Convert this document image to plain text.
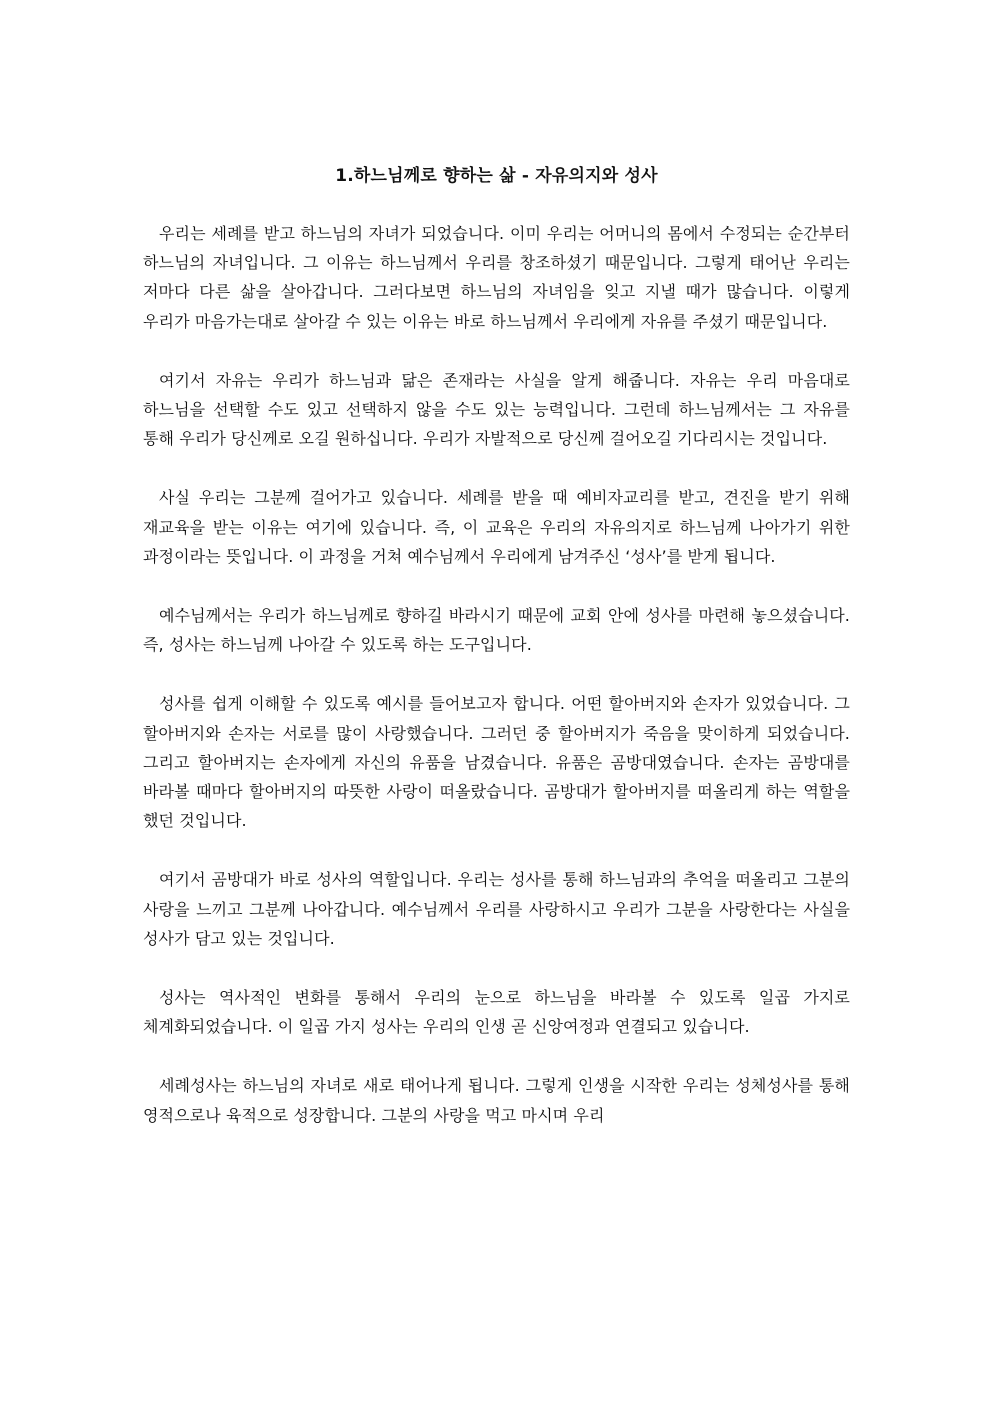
1.하느님께로 향하는 삶 - 자유의지와 성사

우리는 세례를 받고 하느님의 자녀가 되었습니다. 이미 우리는 어머니의 몸에서 수정되는 순간부터 하느님의 자녀입니다. 그 이유는 하느님께서 우리를 창조하셨기 때문입니다. 그렇게 태어난 우리는 저마다 다른 삶을 살아갑니다. 그러다보면 하느님의 자녀임을 잊고 지낼 때가 많습니다. 이렇게 우리가 마음가는대로 살아갈 수 있는 이유는 바로 하느님께서 우리에게 자유를 주셨기 때문입니다.

여기서 자유는 우리가 하느님과 닮은 존재라는 사실을 알게 해줍니다. 자유는 우리 마음대로 하느님을 선택할 수도 있고 선택하지 않을 수도 있는 능력입니다. 그런데 하느님께서는 그 자유를 통해 우리가 당신께로 오길 원하십니다. 우리가 자발적으로 당신께 걸어오길 기다리시는 것입니다.

사실 우리는 그분께 걸어가고 있습니다. 세례를 받을 때 예비자교리를 받고, 견진을 받기 위해 재교육을 받는 이유는 여기에 있습니다. 즉, 이 교육은 우리의 자유의지로 하느님께 나아가기 위한 과정이라는 뜻입니다. 이 과정을 거쳐 예수님께서 우리에게 남겨주신 ‘성사’를 받게 됩니다.

예수님께서는 우리가 하느님께로 향하길 바라시기 때문에 교회 안에 성사를 마련해 놓으셨습니다. 즉, 성사는 하느님께 나아갈 수 있도록 하는 도구입니다.

성사를 쉽게 이해할 수 있도록 예시를 들어보고자 합니다. 어떤 할아버지와 손자가 있었습니다. 그 할아버지와 손자는 서로를 많이 사랑했습니다. 그러던 중 할아버지가 죽음을 맞이하게 되었습니다. 그리고 할아버지는 손자에게 자신의 유품을 남겼습니다. 유품은 곰방대였습니다. 손자는 곰방대를 바라볼 때마다 할아버지의 따뜻한 사랑이 떠올랐습니다. 곰방대가 할아버지를 떠올리게 하는 역할을 했던 것입니다.

여기서 곰방대가 바로 성사의 역할입니다. 우리는 성사를 통해 하느님과의 추억을 떠올리고 그분의 사랑을 느끼고 그분께 나아갑니다. 예수님께서 우리를 사랑하시고 우리가 그분을 사랑한다는 사실을 성사가 담고 있는 것입니다.

성사는 역사적인 변화를 통해서 우리의 눈으로 하느님을 바라볼 수 있도록 일곱 가지로 체계화되었습니다. 이 일곱 가지 성사는 우리의 인생 곧 신앙여정과 연결되고 있습니다.

세례성사는 하느님의 자녀로 새로 태어나게 됩니다. 그렇게 인생을 시작한 우리는 성체성사를 통해 영적으로나 육적으로 성장합니다. 그분의 사랑을 먹고 마시며 우리
